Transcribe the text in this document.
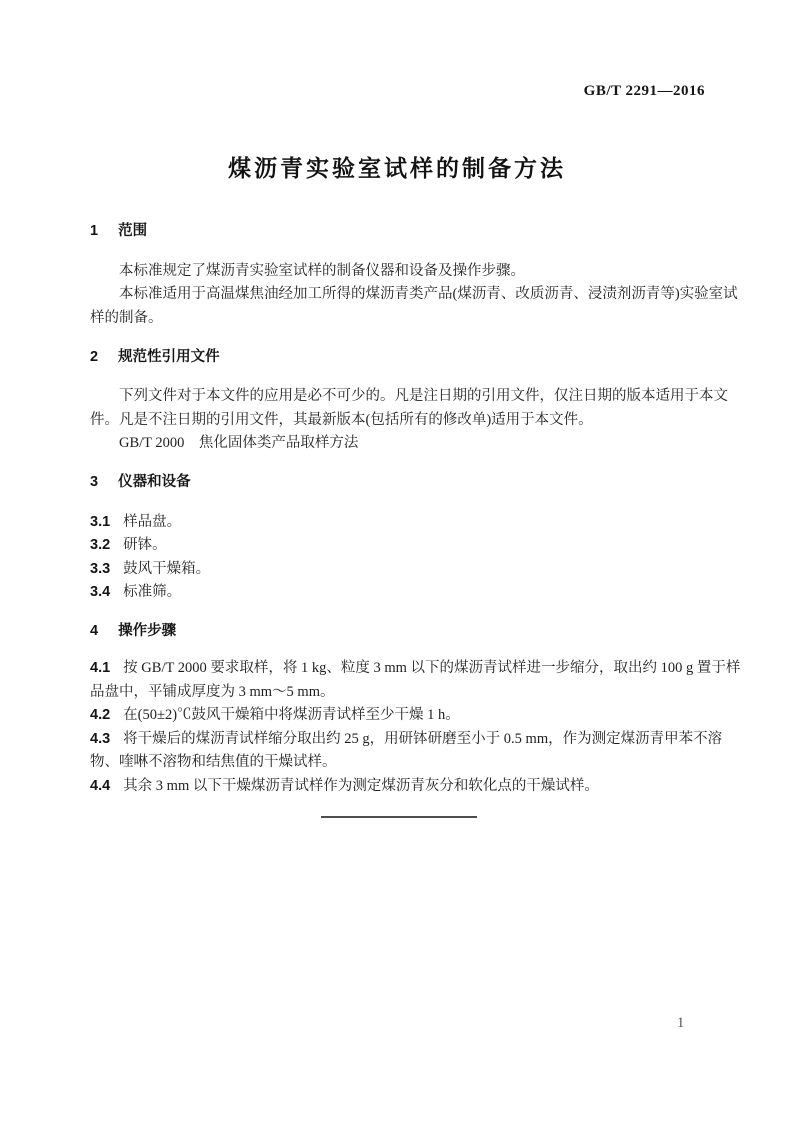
GB/T 2291—2016
煤沥青实验室试样的制备方法
1 范围
本标准规定了煤沥青实验室试样的制备仪器和设备及操作步骤。
本标准适用于高温煤焦油经加工所得的煤沥青类产品(煤沥青、改质沥青、浸渍剂沥青等)实验室试
样的制备。
2 规范性引用文件
下列文件对于本文件的应用是必不可少的。凡是注日期的引用文件，仅注日期的版本适用于本文
件。凡是不注日期的引用文件，其最新版本(包括所有的修改单)适用于本文件。
GB/T 2000　焦化固体类产品取样方法
3 仪器和设备
3.1 样品盘。
3.2 研钵。
3.3 鼓风干燥箱。
3.4 标准筛。
4 操作步骤
4.1 按 GB/T 2000 要求取样，将 1 kg、粒度 3 mm 以下的煤沥青试样进一步缩分，取出约 100 g 置于样
品盘中，平铺成厚度为 3 mm～5 mm。
4.2 在(50±2)℃鼓风干燥箱中将煤沥青试样至少干燥 1 h。
4.3 将干燥后的煤沥青试样缩分取出约 25 g，用研钵研磨至小于 0.5 mm，作为测定煤沥青甲苯不溶
物、喹啉不溶物和结焦值的干燥试样。
4.4 其余 3 mm 以下干燥煤沥青试样作为测定煤沥青灰分和软化点的干燥试样。
1
